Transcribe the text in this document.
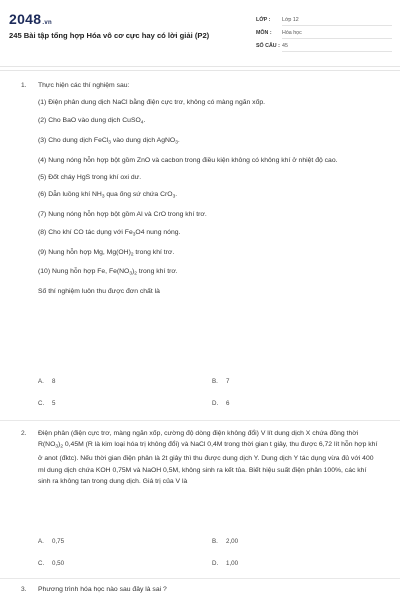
2048.vn
245 Bài tập tổng hợp Hóa vô cơ cực hay có lời giải (P2)
LỚP : Lớp 12
MÔN : Hóa học
SỐ CÂU : 45
1. Thực hiện các thí nghiệm sau:

(1) Điện phân dung dịch NaCl bằng điện cực trơ, không có màng ngăn xốp.

(2) Cho BaO vào dung dịch CuSO$_4$.

(3) Cho dung dịch FeCl$_3$ vào dung dịch AgNO$_3$.

(4) Nung nóng hỗn hợp bột gồm ZnO và cacbon trong điều kiện không có không khí ở nhiệt độ cao.

(5) Đốt cháy HgS trong khí oxi dư.

(6) Dẫn luồng khí $NH_3$ qua ống sứ chứa CrO$_3$.

(7) Nung nóng hỗn hợp bột gồm Al và CrO trong khí trơ.

(8) Cho khí CO tác dụng với $Fe_3O4$ nung nóng.

(9) Nung hỗn hợp Mg, $Mg(OH)_2$ trong khí trơ.

(10) Nung hỗn hợp Fe, $Fe(NO_3)_2$ trong khí trơ.

Số thí nghiệm luôn thu được đơn chất là

A. 8	B. 7
C. 5	D. 6
2. Điện phân (điện cực trơ, màng ngăn xốp, cường độ dòng điện không đổi) V lít dung dịch X chứa đồng thời $R(NO_3)_2$ 0,45M (R là kim loại hóa trị không đổi) và NaCl 0,4M trong thời gian t giây, thu được 6,72 lít hỗn hợp khí ở anot (đktc). Nếu thời gian điện phân là 2t giây thì thu được dung dịch Y. Dung dịch Y tác dụng vừa đủ với 400 ml dung dịch chứa KOH 0,75M và NaOH 0,5M, không sinh ra kết tủa. Biết hiệu suất điện phân 100%, các khí sinh ra không tan trong dung dịch. Giá trị của V là

A. 0,75	B. 2,00
C. 0,50	D. 1,00
3. Phương trình hóa học nào sau đây là sai ?
